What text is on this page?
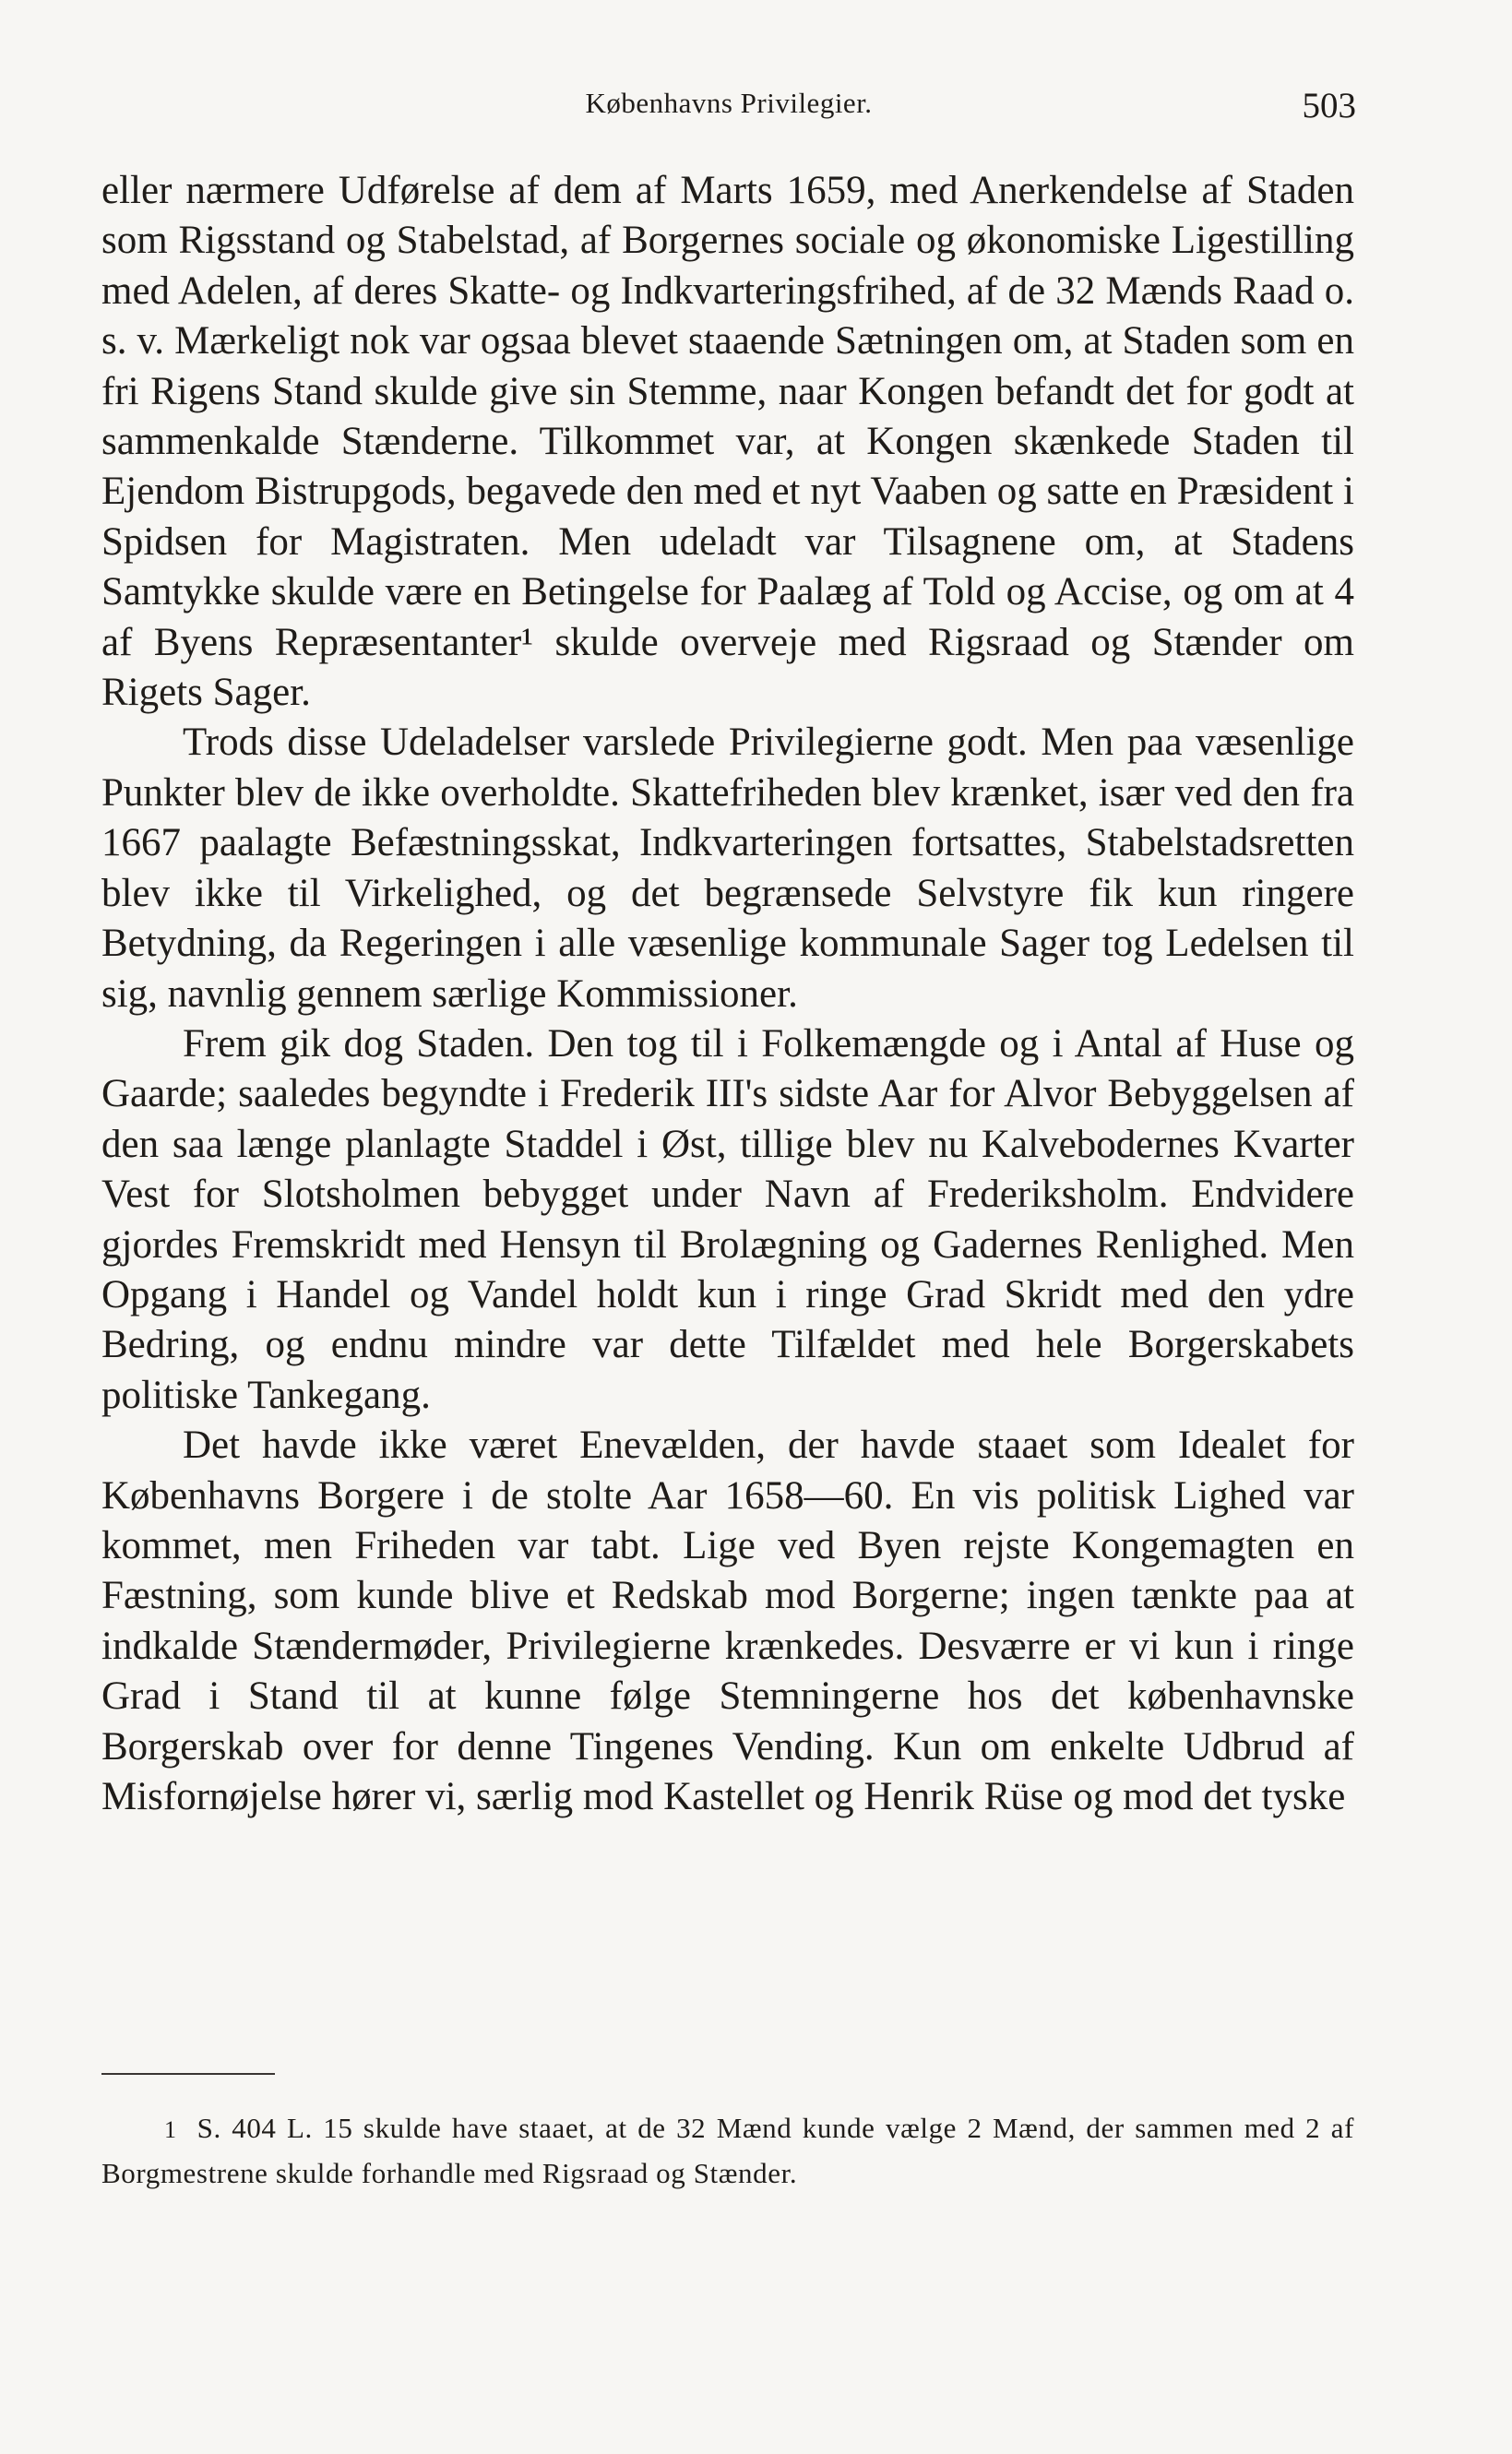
Københavns Privilegier.	503

eller nærmere Udførelse af dem af Marts 1659, med Anerkendelse af Staden som Rigsstand og Stabelstad, af Borgernes sociale og økonomiske Ligestilling med Adelen, af deres Skatte- og Indkvarteringsfrihed, af de 32 Mænds Raad o. s. v. Mærkeligt nok var ogsaa blevet staaende Sætningen om, at Staden som en fri Rigens Stand skulde give sin Stemme, naar Kongen befandt det for godt at sammenkalde Stænderne. Tilkommet var, at Kongen skænkede Staden til Ejendom Bistrupgods, begavede den med et nyt Vaaben og satte en Præsident i Spidsen for Magistraten. Men udeladt var Tilsagnene om, at Stadens Samtykke skulde være en Betingelse for Paalæg af Told og Accise, og om at 4 af Byens Repræsentanter¹ skulde overveje med Rigsraad og Stænder om Rigets Sager.

Trods disse Udeladelser varslede Privilegierne godt. Men paa væsenlige Punkter blev de ikke overholdte. Skattefriheden blev krænket, især ved den fra 1667 paalagte Befæstningsskat, Indkvarteringen fortsattes, Stabelstadsretten blev ikke til Virkelighed, og det begrænsede Selvstyre fik kun ringere Betydning, da Regeringen i alle væsenlige kommunale Sager tog Ledelsen til sig, navnlig gennem særlige Kommissioner.

Frem gik dog Staden. Den tog til i Folkemængde og i Antal af Huse og Gaarde; saaledes begyndte i Frederik III's sidste Aar for Alvor Bebyggelsen af den saa længe planlagte Staddel i Øst, tillige blev nu Kalvebodernes Kvarter Vest for Slotsholmen bebygget under Navn af Frederiksholm. Endvidere gjordes Fremskridt med Hensyn til Brolægning og Gadernes Renlighed. Men Opgang i Handel og Vandel holdt kun i ringe Grad Skridt med den ydre Bedring, og endnu mindre var dette Tilfældet med hele Borgerskabets politiske Tankegang.

Det havde ikke været Enevælden, der havde staaet som Idealet for Københavns Borgere i de stolte Aar 1658—60. En vis politisk Lighed var kommet, men Friheden var tabt. Lige ved Byen rejste Kongemagten en Fæstning, som kunde blive et Redskab mod Borgerne; ingen tænkte paa at indkalde Stændermøder, Privilegierne krænkedes. Desværre er vi kun i ringe Grad i Stand til at kunne følge Stemningerne hos det københavnske Borgerskab over for denne Tingenes Vending. Kun om enkelte Udbrud af Misfornøjelse hører vi, særlig mod Kastellet og Henrik Rüse og mod det tyske

1 S. 404 L. 15 skulde have staaet, at de 32 Mænd kunde vælge 2 Mænd, der sammen med 2 af Borgmestrene skulde forhandle med Rigsraad og Stænder.
